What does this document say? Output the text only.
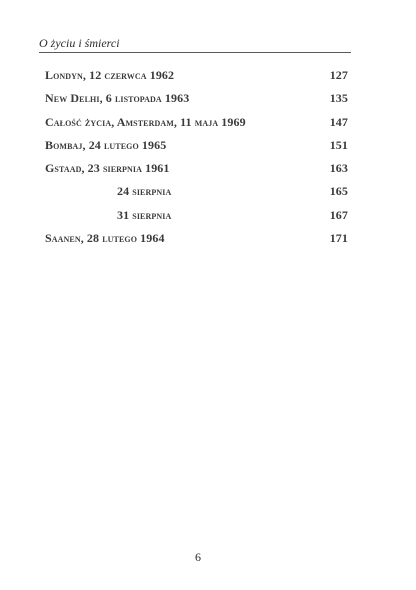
O życiu i śmierci
Londyn, 12 czerwca 1962	127
New Delhi, 6 listopada 1963	135
Całość życia, Amsterdam, 11 maja 1969	147
Bombaj, 24 lutego 1965	151
Gstaad, 23 sierpnia 1961	163
24 sierpnia	165
31 sierpnia	167
Saanen, 28 lutego 1964	171
6
